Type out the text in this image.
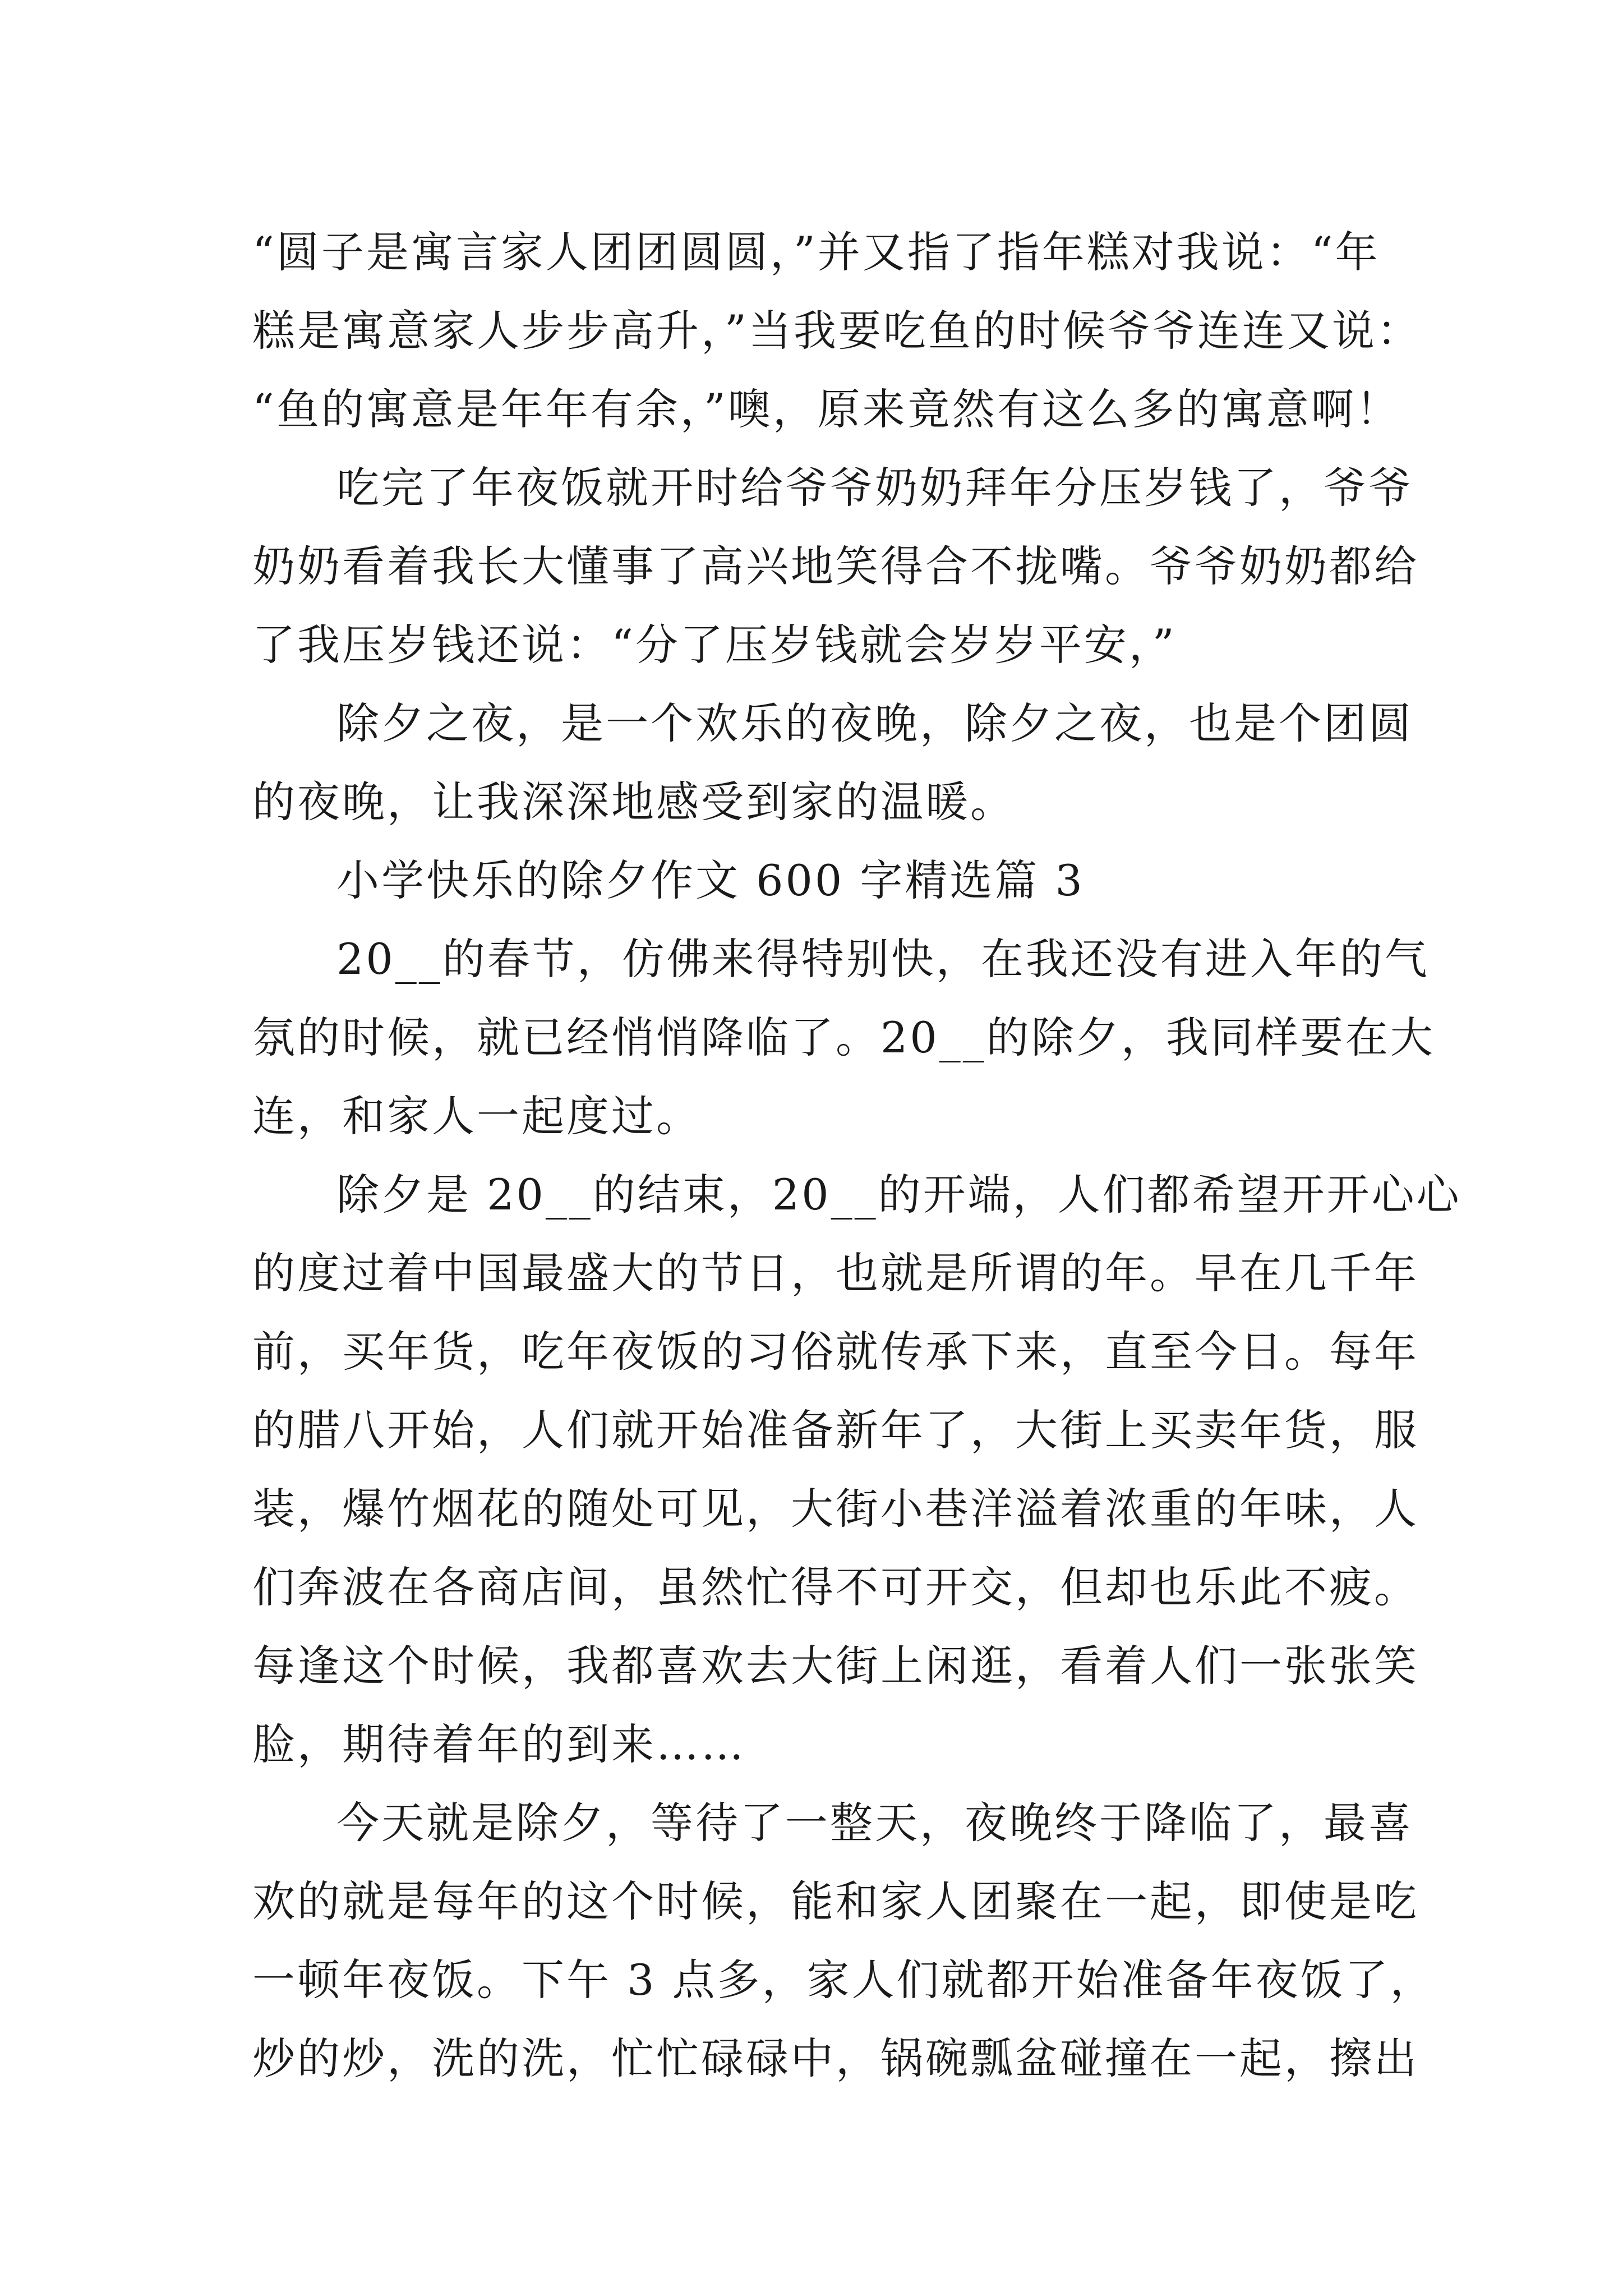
“圆子是寓言家人团团圆圆，”并又指了指年糕对我说：“年
糕是寓意家人步步高升，”当我要吃鱼的时候爷爷连连又说：
“鱼的寓意是年年有余，”噢，原来竟然有这么多的寓意啊！
吃完了年夜饭就开时给爷爷奶奶拜年分压岁钱了，爷爷
奶奶看着我长大懂事了高兴地笑得合不拢嘴。爷爷奶奶都给
了我压岁钱还说：“分了压岁钱就会岁岁平安，”
除夕之夜，是一个欢乐的夜晚，除夕之夜，也是个团圆
的夜晚，让我深深地感受到家的温暖。
小学快乐的除夕作文 600 字精选篇 3
20__的春节，仿佛来得特别快，在我还没有进入年的气
氛的时候，就已经悄悄降临了。20__的除夕，我同样要在大
连，和家人一起度过。
除夕是 20__的结束，20__的开端，人们都希望开开心心
的度过着中国最盛大的节日，也就是所谓的年。早在几千年
前，买年货，吃年夜饭的习俗就传承下来，直至今日。每年
的腊八开始，人们就开始准备新年了，大街上买卖年货，服
装，爆竹烟花的随处可见，大街小巷洋溢着浓重的年味，人
们奔波在各商店间，虽然忙得不可开交，但却也乐此不疲。
每逢这个时候，我都喜欢去大街上闲逛，看着人们一张张笑
脸，期待着年的到来……
今天就是除夕，等待了一整天，夜晚终于降临了，最喜
欢的就是每年的这个时候，能和家人团聚在一起，即使是吃
一顿年夜饭。下午 3 点多，家人们就都开始准备年夜饭了，
炒的炒，洗的洗，忙忙碌碌中，锅碗瓢盆碰撞在一起，擦出
